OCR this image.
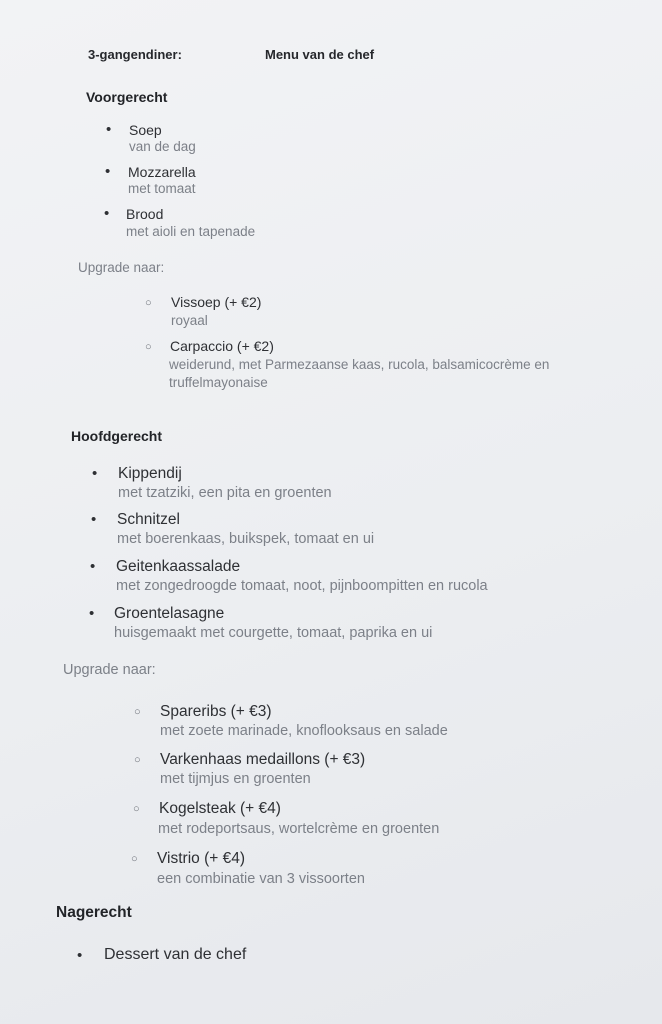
3-gangendiner:	Menu van de chef
Voorgerecht
• Soep
van de dag
• Mozzarella
met tomaat
• Brood
met aioli en tapenade
Upgrade naar:
○ Vissoep (+ €2)
royaal
○ Carpaccio (+ €2)
weiderund, met Parmezaanse kaas, rucola, balsamicocrème en
truffelmayonaise
Hoofdgerecht
• Kippendij
met tzatziki, een pita en groenten
• Schnitzel
met boerenkaas, buikspek, tomaat en ui
• Geitenkaassalade
met zongedroogde tomaat, noot, pijnboompitten en rucola
• Groentelasagne
huisgemaakt met courgette, tomaat, paprika en ui
Upgrade naar:
○ Spareribs (+ €3)
met zoete marinade, knoflooksaus en salade
○ Varkenhaas medaillons (+ €3)
met tijmjus en groenten
○ Kogelsteak (+ €4)
met rodeportsaus, wortelcrème en groenten
○ Vistrio (+ €4)
een combinatie van 3 vissoorten
Nagerecht
• Dessert van de chef
